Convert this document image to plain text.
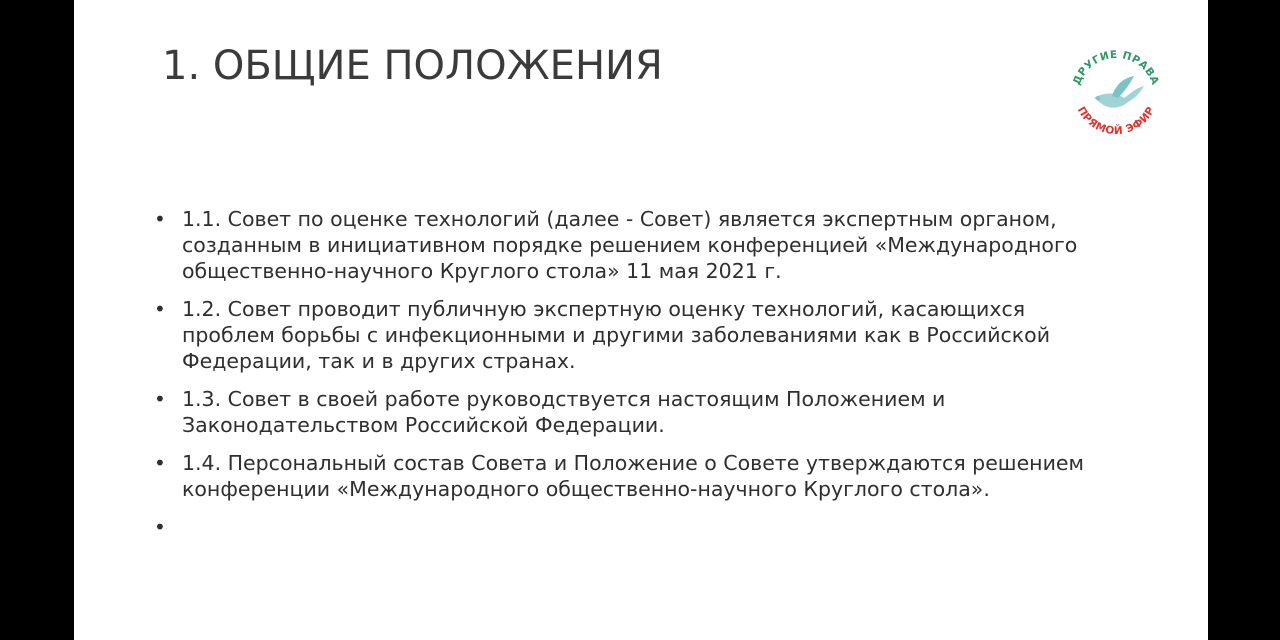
1. ОБЩИЕ ПОЛОЖЕНИЯ	ДРУГИЕ ПРАВА
ПРЯМОЙ ЭФИР
• 1.1. Совет по оценке технологий (далее - Совет) является экспертным органом, созданным в инициативном порядке решением конференцией «Международного общественно-научного Круглого стола» 11 мая 2021 г.
• 1.2. Совет проводит публичную экспертную оценку технологий, касающихся проблем борьбы с инфекционными и другими заболеваниями как в Российской Федерации, так и в других странах.
• 1.3. Совет в своей работе руководствуется настоящим Положением и Законодательством Российской Федерации.
• 1.4. Персональный состав Совета и Положение о Совете утверждаются решением конференции «Международного общественно-научного Круглого стола».
•
